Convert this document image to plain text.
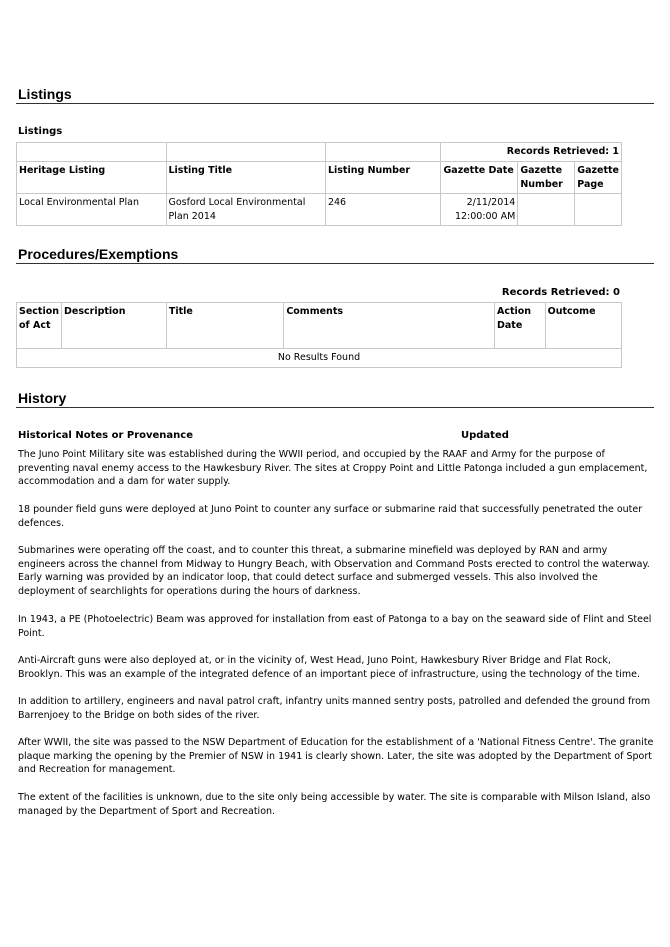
Listings
Listings
			Records Retrieved: 1		
Heritage Listing	Listing Title	Listing Number	Gazette Date	Gazette Number	Gazette Page
Local Environmental Plan	Gosford Local Environmental Plan 2014	246	2/11/2014 12:00:00 AM		
Procedures/Exemptions
Records Retrieved: 0
Section of Act	Description	Title	Comments	Action Date	Outcome
No Results Found
History
Historical Notes or Provenance	Updated
The Juno Point Military site was established during the WWII period, and occupied by the RAAF and Army for the purpose of preventing naval enemy access to the Hawkesbury River. The sites at Croppy Point and Little Patonga included a gun emplacement, accommodation and a dam for water supply.
18 pounder field guns were deployed at Juno Point to counter any surface or submarine raid that successfully penetrated the outer defences.
Submarines were operating off the coast, and to counter this threat, a submarine minefield was deployed by RAN and army engineers across the channel from Midway to Hungry Beach, with Observation and Command Posts erected to control the waterway. Early warning was provided by an indicator loop, that could detect surface and submerged vessels. This also involved the deployment of searchlights for operations during the hours of darkness.
In 1943, a PE (Photoelectric) Beam was approved for installation from east of Patonga to a bay on the seaward side of Flint and Steel Point.
Anti-Aircraft guns were also deployed at, or in the vicinity of, West Head, Juno Point, Hawkesbury River Bridge and Flat Rock, Brooklyn. This was an example of the integrated defence of an important piece of infrastructure, using the technology of the time.
In addition to artillery, engineers and naval patrol craft, infantry units manned sentry posts, patrolled and defended the ground from Barrenjoey to the Bridge on both sides of the river.
After WWII, the site was passed to the NSW Department of Education for the establishment of a 'National Fitness Centre'. The granite plaque marking the opening by the Premier of NSW in 1941 is clearly shown. Later, the site was adopted by the Department of Sport and Recreation for management.
The extent of the facilities is unknown, due to the site only being accessible by water. The site is comparable with Milson Island, also managed by the Department of Sport and Recreation.
